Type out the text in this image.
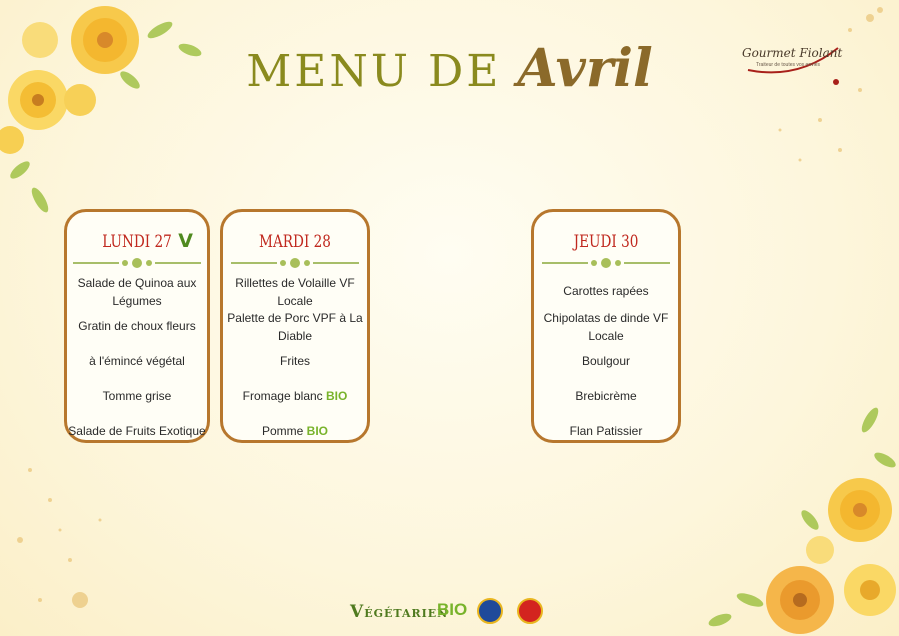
MENU DE Avril	Gourmet Fiolant
Traiteur de toutes vos envies
LUNDI 27 V
Salade de Quinoa aux
Légumes
Gratin de choux fleurs
à l'émincé végétal
Tomme grise
Salade de Fruits Exotique
MARDI 28
Rillettes de Volaille VF
Locale
Palette de Porc VPF à La
Diable
Frites
Fromage blanc BIO
Pomme BIO
JEUDI 30
Carottes rapées
Chipolatas de dinde VF
Locale
Boulgour
Brebicrème
Flan Patissier
VÉGÉTARIEN
BIO
